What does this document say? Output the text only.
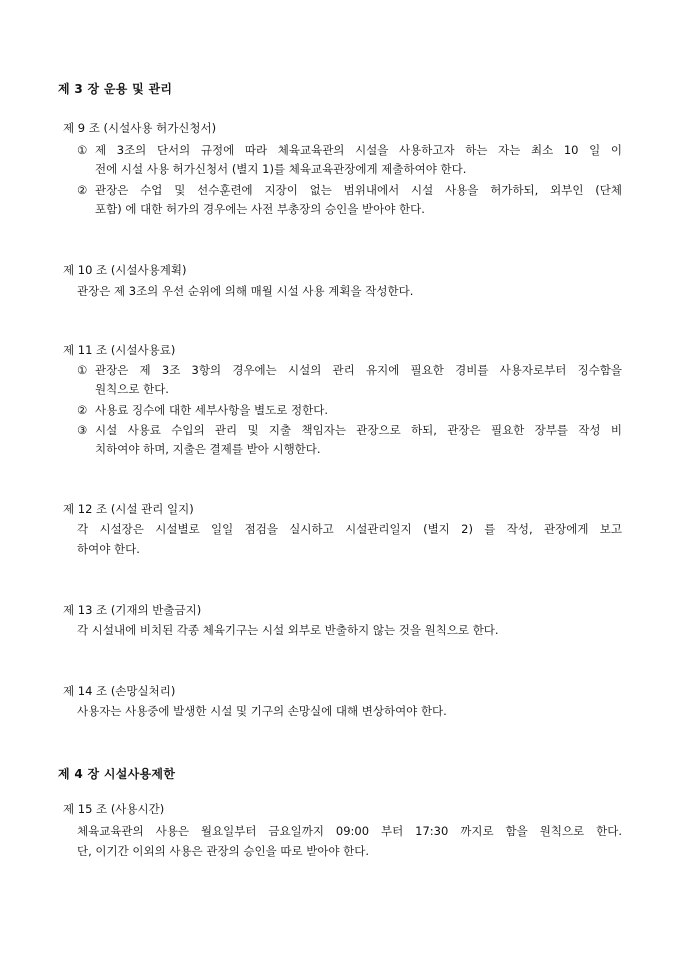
제 3 장 운용 및 관리
제 9 조 (시설사용 허가신청서)
① 제 3조의 단서의 규정에 따라 체육교육관의 시설을 사용하고자 하는 자는 최소 10 일 이
전에 시설 사용 허가신청서 (별지 1)를 체육교육관장에게 제출하여야 한다.
② 관장은 수업 및 선수훈련에 지장이 없는 범위내에서 시설 사용을 허가하되, 외부인 (단체
포함) 에 대한 허가의 경우에는 사전 부총장의 승인을 받아야 한다.
제 10 조 (시설사용계획)
관장은 제 3조의 우선 순위에 의해 매월 시설 사용 계획을 작성한다.
제 11 조 (시설사용료)
① 관장은 제 3조 3항의 경우에는 시설의 관리 유지에 필요한 경비를 사용자로부터 징수함을
원칙으로 한다.
② 사용료 징수에 대한 세부사항을 별도로 정한다.
③ 시설 사용료 수입의 관리 및 지출 책임자는 관장으로 하되, 관장은 필요한 장부를 작성 비
치하여야 하며, 지출은 결제를 받아 시행한다.
제 12 조 (시설 관리 일지)
각 시설장은 시설별로 일일 점검을 실시하고 시설관리일지 (별지 2) 를 작성, 관장에게 보고
하여야 한다.
제 13 조 (기재의 반출금지)
각 시설내에 비치된 각종 체육기구는 시설 외부로 반출하지 않는 것을 원칙으로 한다.
제 14 조 (손망실처리)
사용자는 사용중에 발생한 시설 및 기구의 손망실에 대해 변상하여야 한다.
제 4 장 시설사용제한
제 15 조 (사용시간)
체육교육관의 사용은 월요일부터 금요일까지 09:00 부터 17:30 까지로 함을 원칙으로 한다.
단, 이기간 이외의 사용은 관장의 승인을 따로 받아야 한다.
